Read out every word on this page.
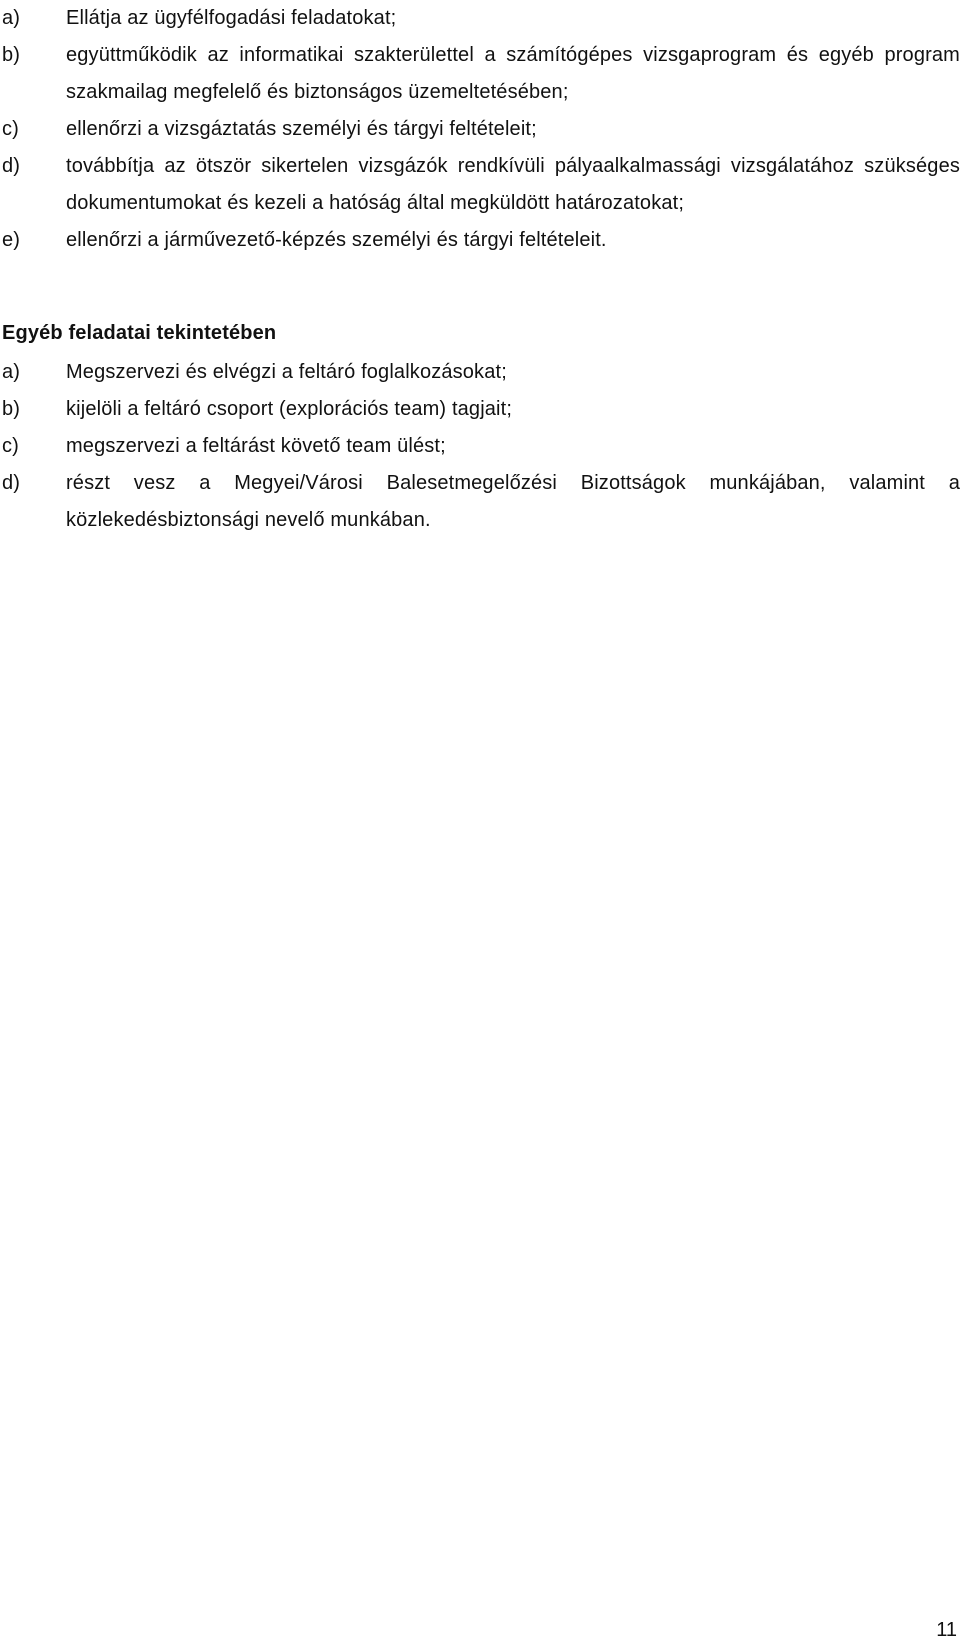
a) Ellátja az ügyfélfogadási feladatokat;
b) együttműködik az informatikai szakterülettel a számítógépes vizsgaprogram és egyéb program szakmailag megfelelő és biztonságos üzemeltetésében;
c) ellenőrzi a vizsgáztatás személyi és tárgyi feltételeit;
d) továbbítja az ötször sikertelen vizsgázók rendkívüli pályaalkalmassági vizsgálatához szükséges dokumentumokat és kezeli a hatóság által megküldött határozatokat;
e) ellenőrzi a járművezető-képzés személyi és tárgyi feltételeit.
Egyéb feladatai tekintetében
a) Megszervezi és elvégzi a feltáró foglalkozásokat;
b) kijelöli a feltáró csoport (explorációs team) tagjait;
c) megszervezi a feltárást követő team ülést;
d) részt vesz a Megyei/Városi Balesetmegelőzési Bizottságok munkájában, valamint a közlekedésbiztonsági nevelő munkában.
11
